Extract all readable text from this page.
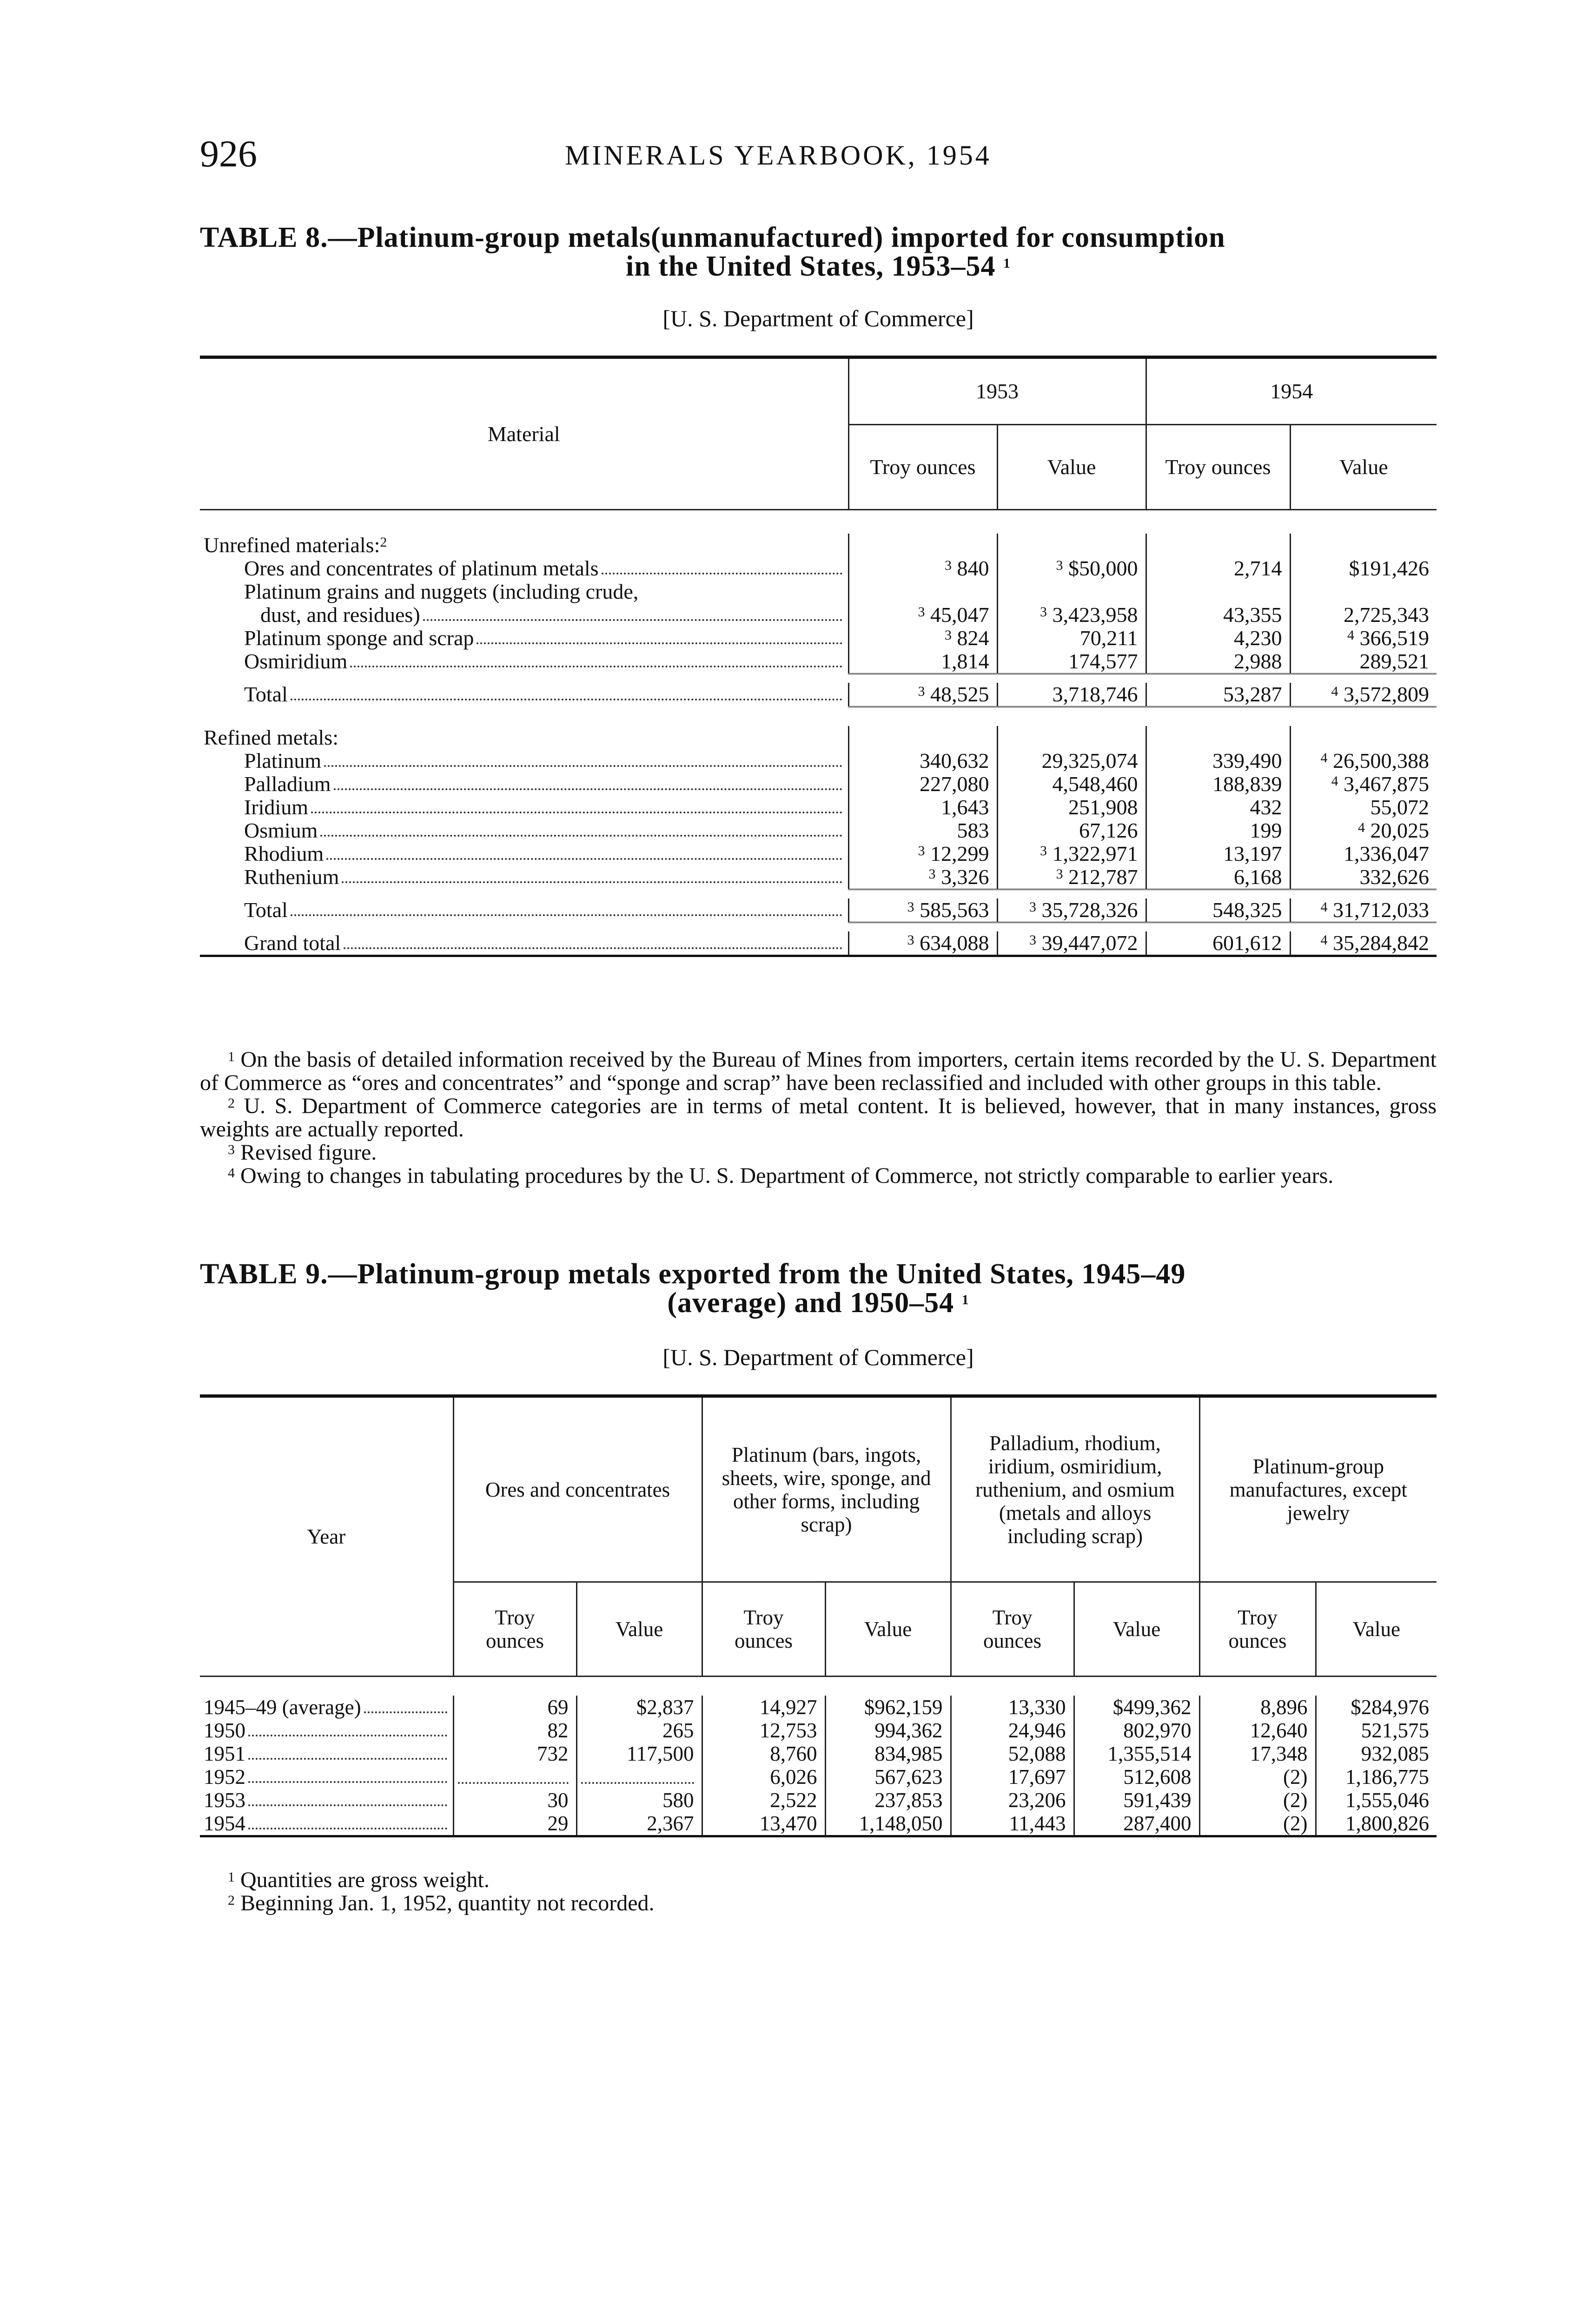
926	MINERALS YEARBOOK, 1954
TABLE 8.—Platinum-group metals(unmanufactured) imported for consumption
in the United States, 1953–54 $^1$
[U. S. Department of Commerce]
Material	1953		1954	
	Troy ounces	Value	Troy ounces	Value

Unrefined materials:$^2$				

Ores and concentrates of platinum metals	$^3$ 840	$^3$ $50,000	2,714	$191,426

Platinum grains and nuggets (including crude,				

dust, and residues)	$^3$ 45,047	$^3$ 3,423,958	43,355	2,725,343

Platinum sponge and scrap	$^3$ 824	70,211	4,230	$^4$ 366,519

Osmiridium	1,814	174,577	2,988	289,521

Total	$^3$ 48,525	3,718,746	53,287	$^4$ 3,572,809

Refined metals:				

Platinum	340,632	29,325,074	339,490	$^4$ 26,500,388

Palladium	227,080	4,548,460	188,839	$^4$ 3,467,875

Iridium	1,643	251,908	432	55,072

Osmium	583	67,126	199	$^4$ 20,025

Rhodium	$^3$ 12,299	$^3$ 1,322,971	13,197	1,336,047

Ruthenium	$^3$ 3,326	$^3$ 212,787	6,168	332,626

Total	$^3$ 585,563	$^3$ 35,728,326	548,325	$^4$ 31,712,033

Grand total	$^3$ 634,088	$^3$ 39,447,072	601,612	$^4$ 35,284,842

$^1$ On the basis of detailed information received by the Bureau of Mines from importers, certain items recorded by the U. S. Department of Commerce as “ores and concentrates” and “sponge and scrap” have been reclassified and included with other groups in this table.

$^2$ U. S. Department of Commerce categories are in terms of metal content. It is believed, however, that in many instances, gross weights are actually reported.

$^3$ Revised figure.

$^4$ Owing to changes in tabulating procedures by the U. S. Department of Commerce, not strictly comparable to earlier years.

TABLE 9.—Platinum-group metals exported from the United States, 1945–49
(average) and 1950–54 $^1$
[U. S. Department of Commerce]
Year	Ores and concentrates		Platinum (bars, ingots, sheets, wire, sponge, and other forms, including scrap)		Palladium, rhodium, iridium, osmiridium, ruthenium, and osmium (metals and alloys including scrap)		Platinum-group manufactures, except jewelry	
	Troy ounces	Value	Troy ounces	Value	Troy ounces	Value	Troy ounces	Value

1945–49 (average)	69	$2,837	14,927	$962,159	13,330	$499,362	8,896	$284,976

1950	82	265	12,753	994,362	24,946	802,970	12,640	521,575

1951	732	117,500	8,760	834,985	52,088	1,355,514	17,348	932,085

1952			6,026	567,623	17,697	512,608	(2)	1,186,775

1953	30	580	2,522	237,853	23,206	591,439	(2)	1,555,046

1954	29	2,367	13,470	1,148,050	11,443	287,400	(2)	1,800,826

$^1$ Quantities are gross weight.

$^2$ Beginning Jan. 1, 1952, quantity not recorded.
